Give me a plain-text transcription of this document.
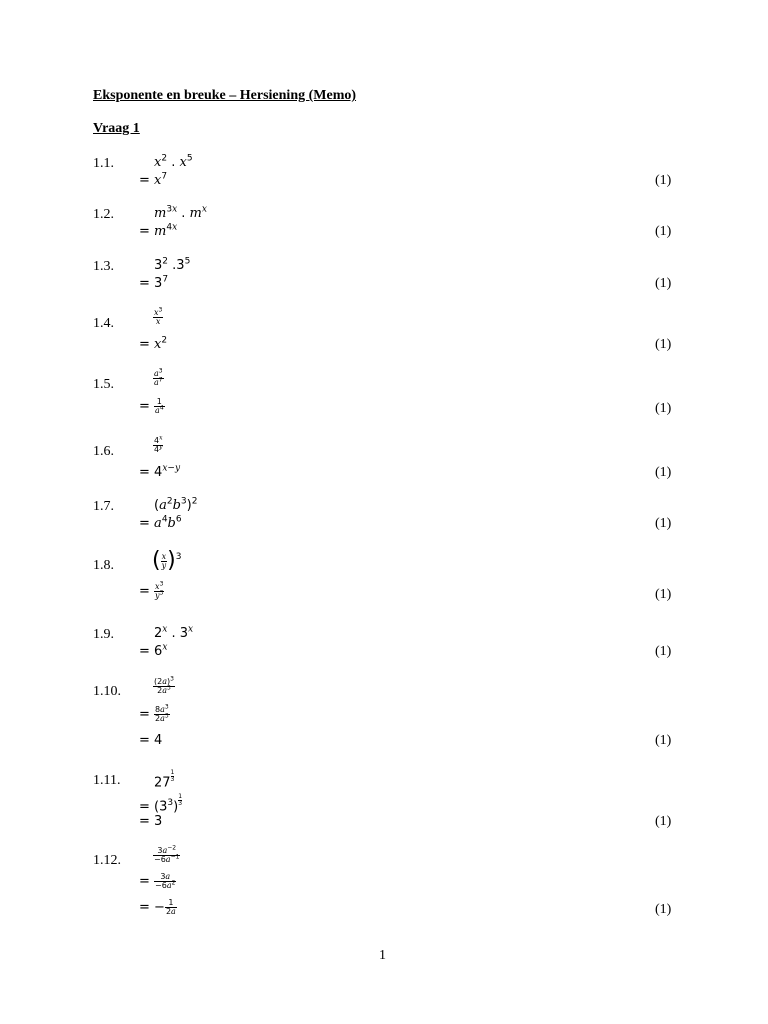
Eksponente en breuke – Hersiening (Memo)
Vraag 1
1.1.	$x^2$ . $x^5$
= $x^7$	(1)
1.2.	$m^{3x}$ . $m^x$
= $m^{4x}$	(1)
1.3.	$3^2$ $.3^5$
= $3^7$	(1)
1.4.	$\frac{x^3}{x}$
= $x^2$	(1)
1.5.	$\frac{a^3}{a^7}$
= $\frac{1}{a^4}$	(1)
1.6.	$\frac{4^x}{4^y}$
= $4^{x-y}$	(1)
1.7.	$(a^2b^3)^2$
= $a^4b^6$	(1)
1.8. ( $\frac{x}{y} )^3$
= $\frac{x^3}{y^3}$	(1)
1.9.	2$^x$ . $3^x$
= $6^x$	(1)
1.10.	$\frac{(2a)^3}{2a^3}$
= $\frac{8a^3}{2a^3}$
= 4	(1)
1.11.	$27 \frac{1}{3}$
= $(3^3) \frac{1}{3}$
= 3	(1)
1.12.	$\frac{3a^{-2}}{-6a^{-1}}$
= $\frac{3a}{-6a^2}$
= − $\frac{1}{2a}$	(1)
1
